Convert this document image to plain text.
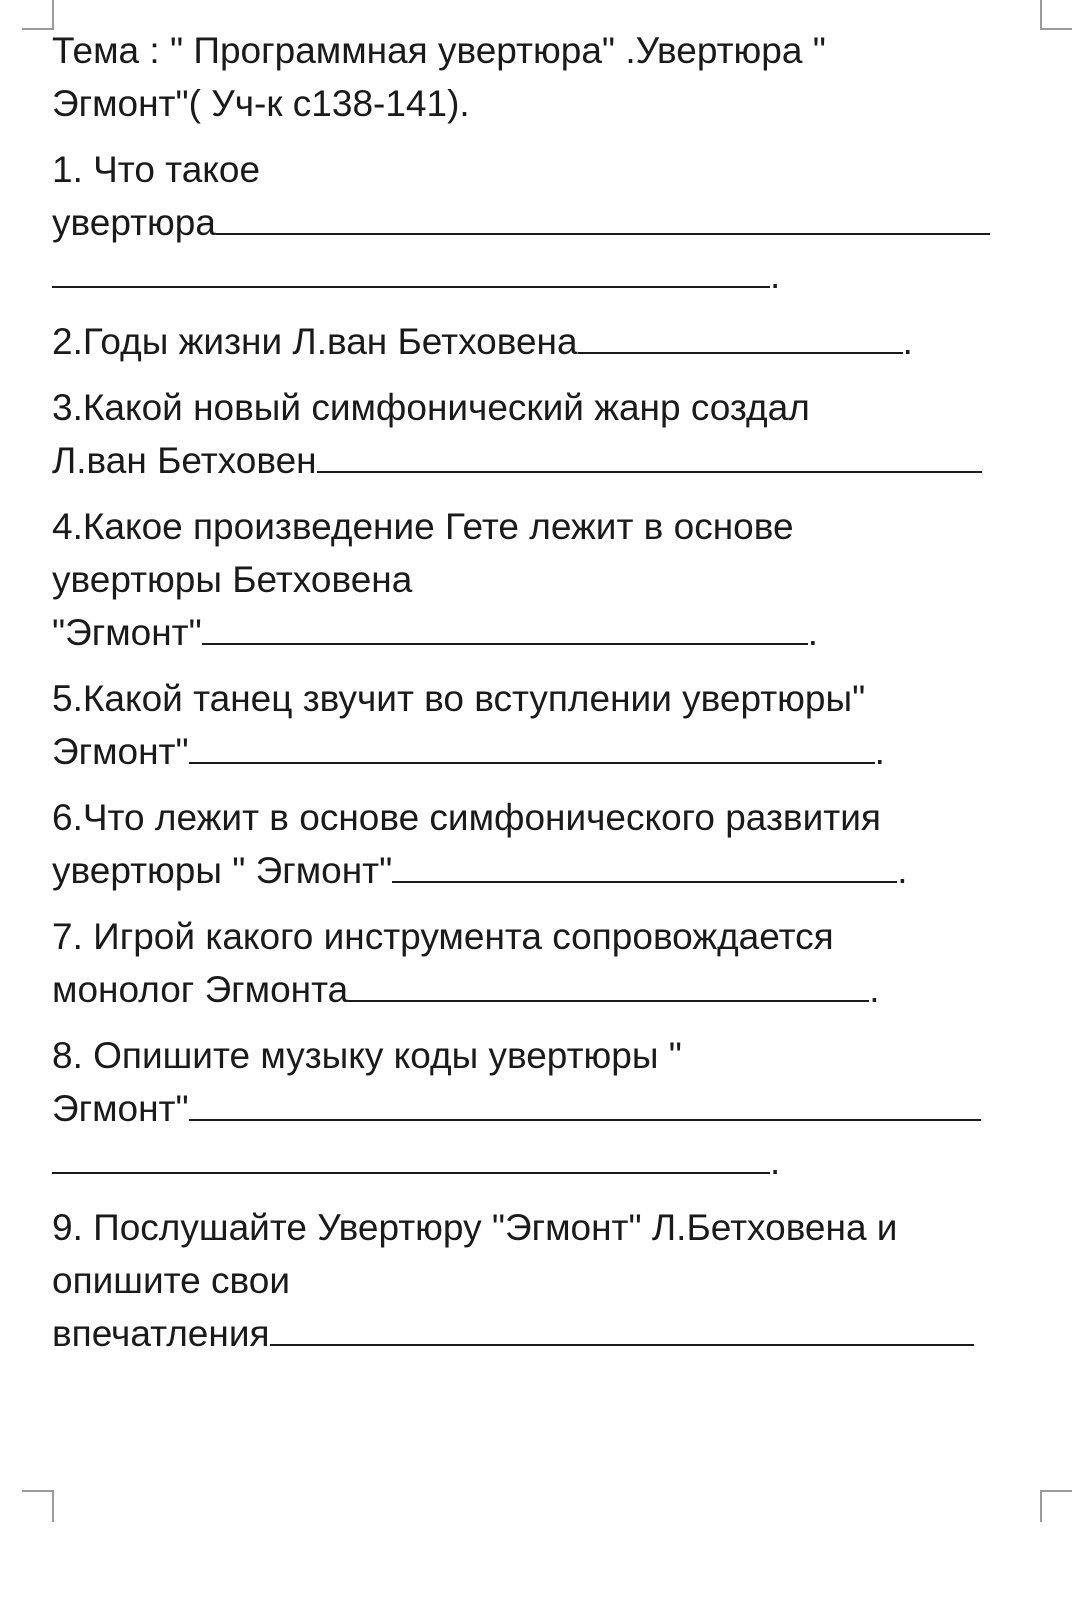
Тема : " Программная увертюра" .Увертюра "
Эгмонт"( Уч-к с138-141).

1. Что такое
увертюра
.

2.Годы жизни Л.ван Бетховена	.

3.Какой новый симфонический жанр создал
Л.ван Бетховен

4.Какое произведение Гете лежит в основе
увертюры Бетховена
"Эгмонт"	.

5.Какой танец звучит во вступлении увертюры"
Эгмонт"	.

6.Что лежит в основе симфонического развития
увертюры " Эгмонт"	.

7. Игрой какого инструмента сопровождается
монолог Эгмонта	.

8. Опишите музыку коды увертюры "
Эгмонт"
.

9. Послушайте Увертюру "Эгмонт" Л.Бетховена и
опишите свои
впечатления
